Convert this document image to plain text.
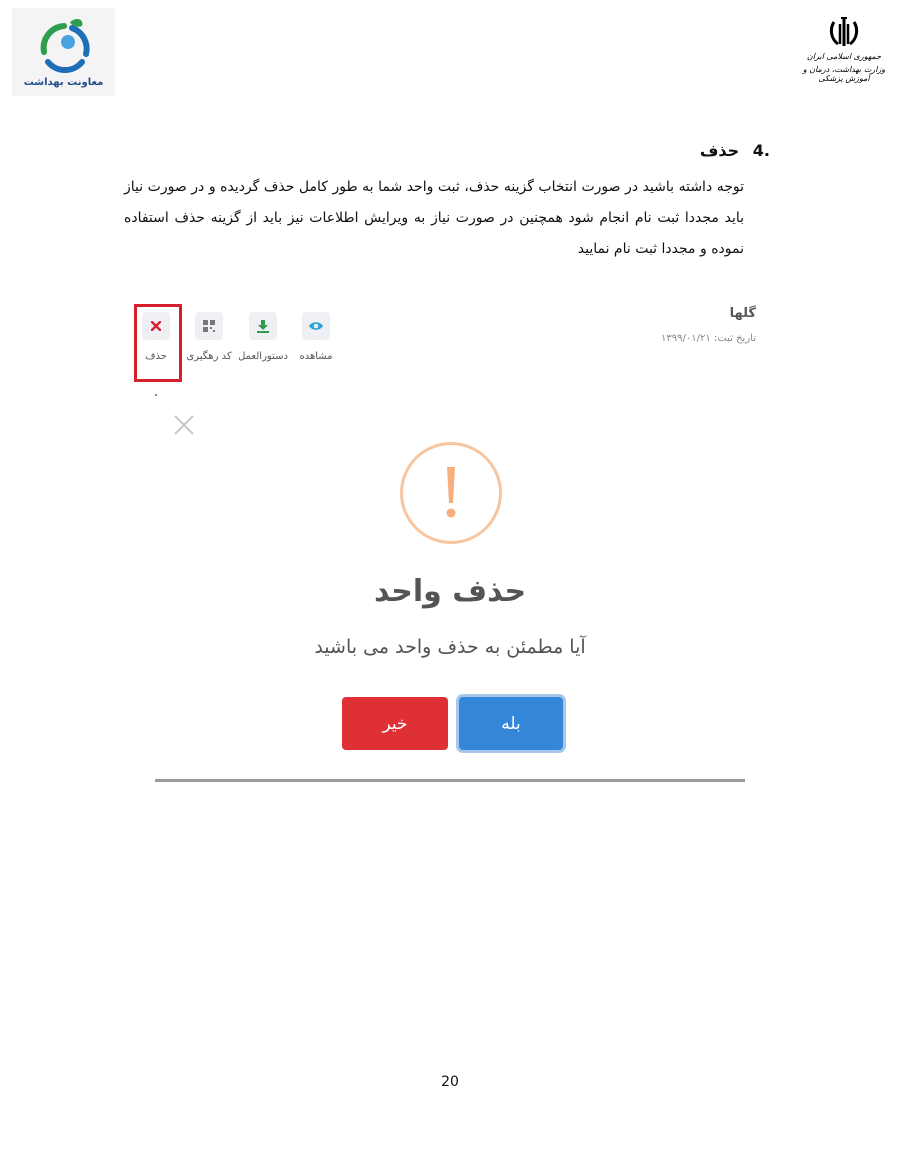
معاونت بهداشت
جمهوری اسلامی ایران
وزارت بهداشت، درمان و آموزش پزشکی
4. حذف
توجه داشته باشید در صورت انتخاب گزینه حذف، ثبت واحد شما به طور کامل حذف گردیده و در صورت نیاز باید مجددا ثبت نام انجام شود همچنین در صورت نیاز به ویرایش اطلاعات نیز باید از گزینه حذف استفاده نموده و مجددا ثبت نام نمایید
گلها
تاریخ ثبت: ۱۳۹۹/۰۱/۲۱
مشاهده
دستورالعمل
کد رهگیری
حذف
حذف واحد
آیا مطمئن به حذف واحد می باشید
خیر	بله
20
